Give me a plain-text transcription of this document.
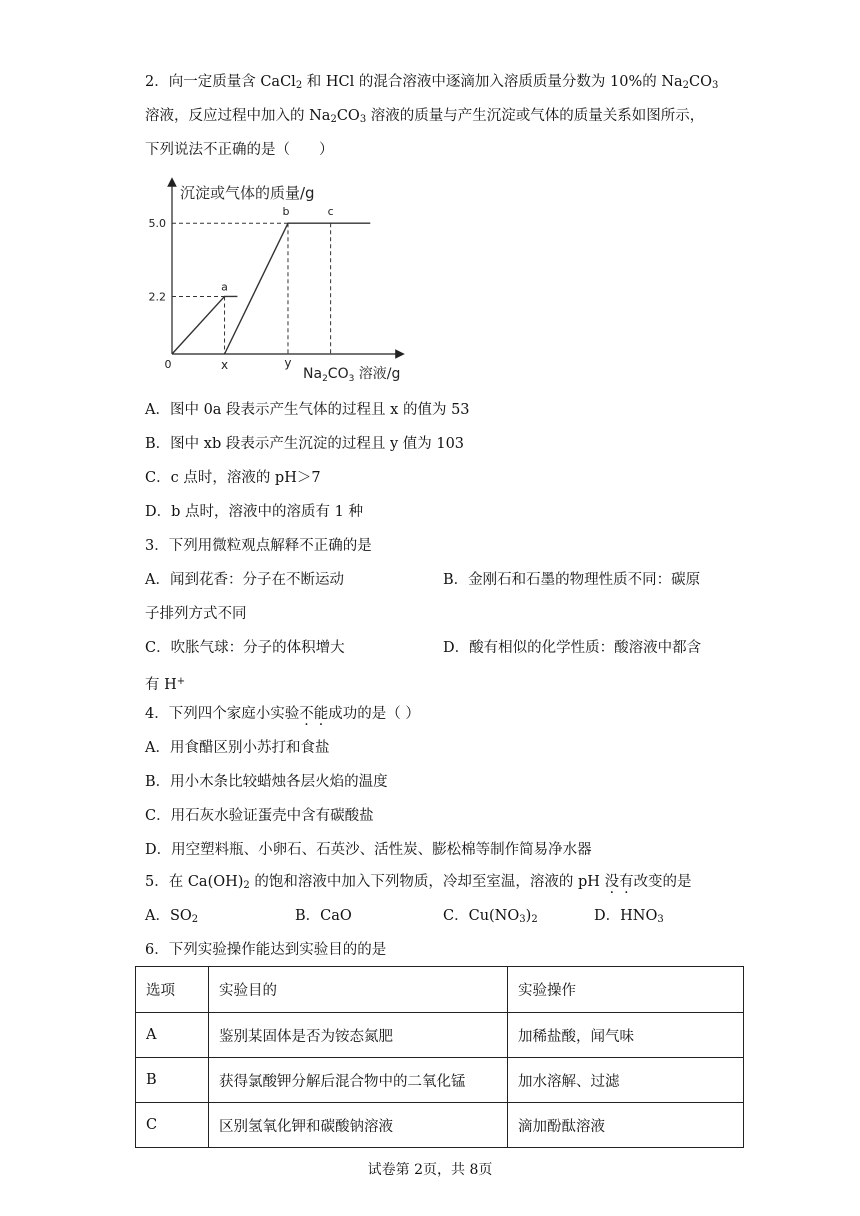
2．向一定质量含 CaCl$_2$ 和 HCl 的混合溶液中逐滴加入溶质质量分数为 10%的 $Na_2CO_3$
溶液，反应过程中加入的 $Na_2CO_3$ 溶液的质量与产生沉淀或气体的质量关系如图所示，
下列说法不正确的是（　　）
沉淀或气体的质量/g
$Na_2CO_3$ 溶液/g
0
2.2
5.0
x	y
a
b	c
A．图中 0a 段表示产生气体的过程且 x 的值为 53
B．图中 xb 段表示产生沉淀的过程且 y 值为 103
C．c 点时，溶液的 pH＞7
D．b 点时，溶液中的溶质有 1 种
3．下列用微粒观点解释不正确的是
A．闻到花香：分子在不断运动	B．金刚石和石墨的物理性质不同：碳原
子排列方式不同
C．吹胀气球：分子的体积增大	D．酸有相似的化学性质：酸溶液中都含
有 H+
4．下列四个家庭小实验不能成功的是（ ）
A．用食醋区别小苏打和食盐
B．用小木条比较蜡烛各层火焰的温度
C．用石灰水验证蛋壳中含有碳酸盐
D．用空塑料瓶、小卵石、石英沙、活性炭、膨松棉等制作简易净水器
5．在 $Ca(OH)_2$ 的饱和溶液中加入下列物质，冷却至室温，溶液的 pH 没有改变的是
A．$SO_2$	B．CaO	C．$Cu(NO_3)_2$	D．$HNO_3$
6．下列实验操作能达到实验目的的是
选项	实验目的	实验操作
A	鉴别某固体是否为铵态氮肥	加稀盐酸，闻气味
B	获得氯酸钾分解后混合物中的二氧化锰	加水溶解、过滤
C	区别氢氧化钾和碳酸钠溶液	滴加酚酞溶液
试卷第 2页，共 8页
